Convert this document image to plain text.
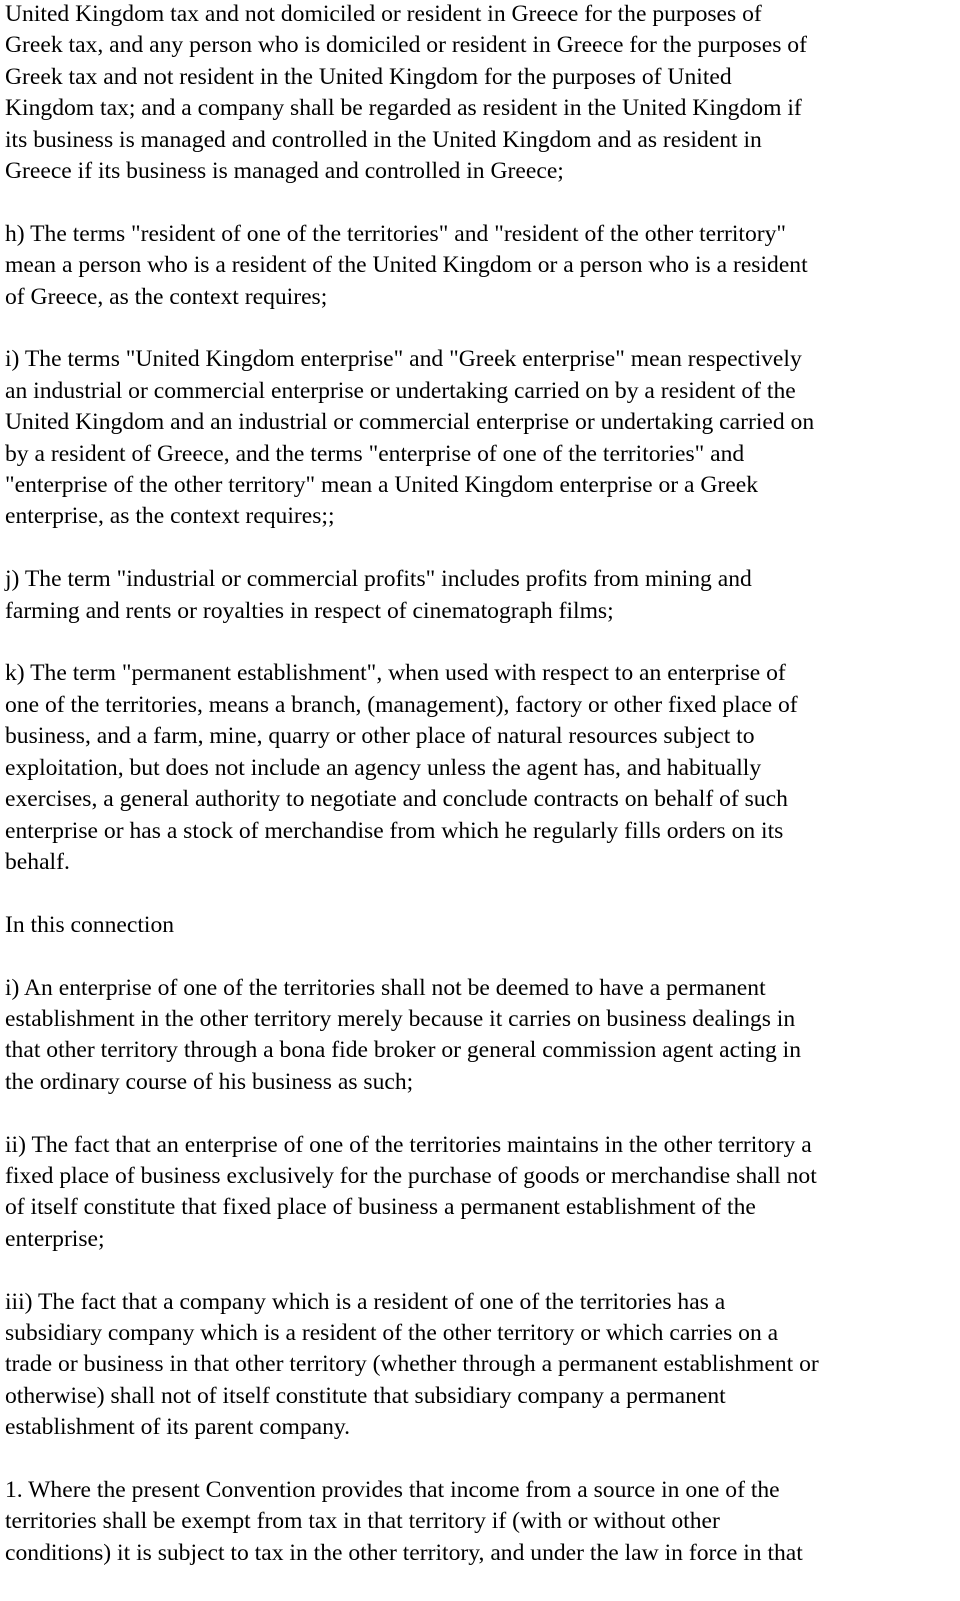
United Kingdom tax and not domiciled or resident in Greece for the purposes of
Greek tax, and any person who is domiciled or resident in Greece for the purposes of
Greek tax and not resident in the United Kingdom for the purposes of United
Kingdom tax; and a company shall be regarded as resident in the United Kingdom if
its business is managed and controlled in the United Kingdom and as resident in
Greece if its business is managed and controlled in Greece;
h) The terms "resident of one of the territories" and "resident of the other territory"
mean a person who is a resident of the United Kingdom or a person who is a resident
of Greece, as the context requires;
i) The terms "United Kingdom enterprise" and "Greek enterprise" mean respectively
an industrial or commercial enterprise or undertaking carried on by a resident of the
United Kingdom and an industrial or commercial enterprise or undertaking carried on
by a resident of Greece, and the terms "enterprise of one of the territories" and
"enterprise of the other territory" mean a United Kingdom enterprise or a Greek
enterprise, as the context requires;;
j) The term "industrial or commercial profits" includes profits from mining and
farming and rents or royalties in respect of cinematograph films;
k) The term "permanent establishment", when used with respect to an enterprise of
one of the territories, means a branch, (management), factory or other fixed place of
business, and a farm, mine, quarry or other place of natural resources subject to
exploitation, but does not include an agency unless the agent has, and habitually
exercises, a general authority to negotiate and conclude contracts on behalf of such
enterprise or has a stock of merchandise from which he regularly fills orders on its
behalf.
In this connection
i) An enterprise of one of the territories shall not be deemed to have a permanent
establishment in the other territory merely because it carries on business dealings in
that other territory through a bona fide broker or general commission agent acting in
the ordinary course of his business as such;
ii) The fact that an enterprise of one of the territories maintains in the other territory a
fixed place of business exclusively for the purchase of goods or merchandise shall not
of itself constitute that fixed place of business a permanent establishment of the
enterprise;
iii) The fact that a company which is a resident of one of the territories has a
subsidiary company which is a resident of the other territory or which carries on a
trade or business in that other territory (whether through a permanent establishment or
otherwise) shall not of itself constitute that subsidiary company a permanent
establishment of its parent company.
1. Where the present Convention provides that income from a source in one of the
territories shall be exempt from tax in that territory if (with or without other
conditions) it is subject to tax in the other territory, and under the law in force in that
